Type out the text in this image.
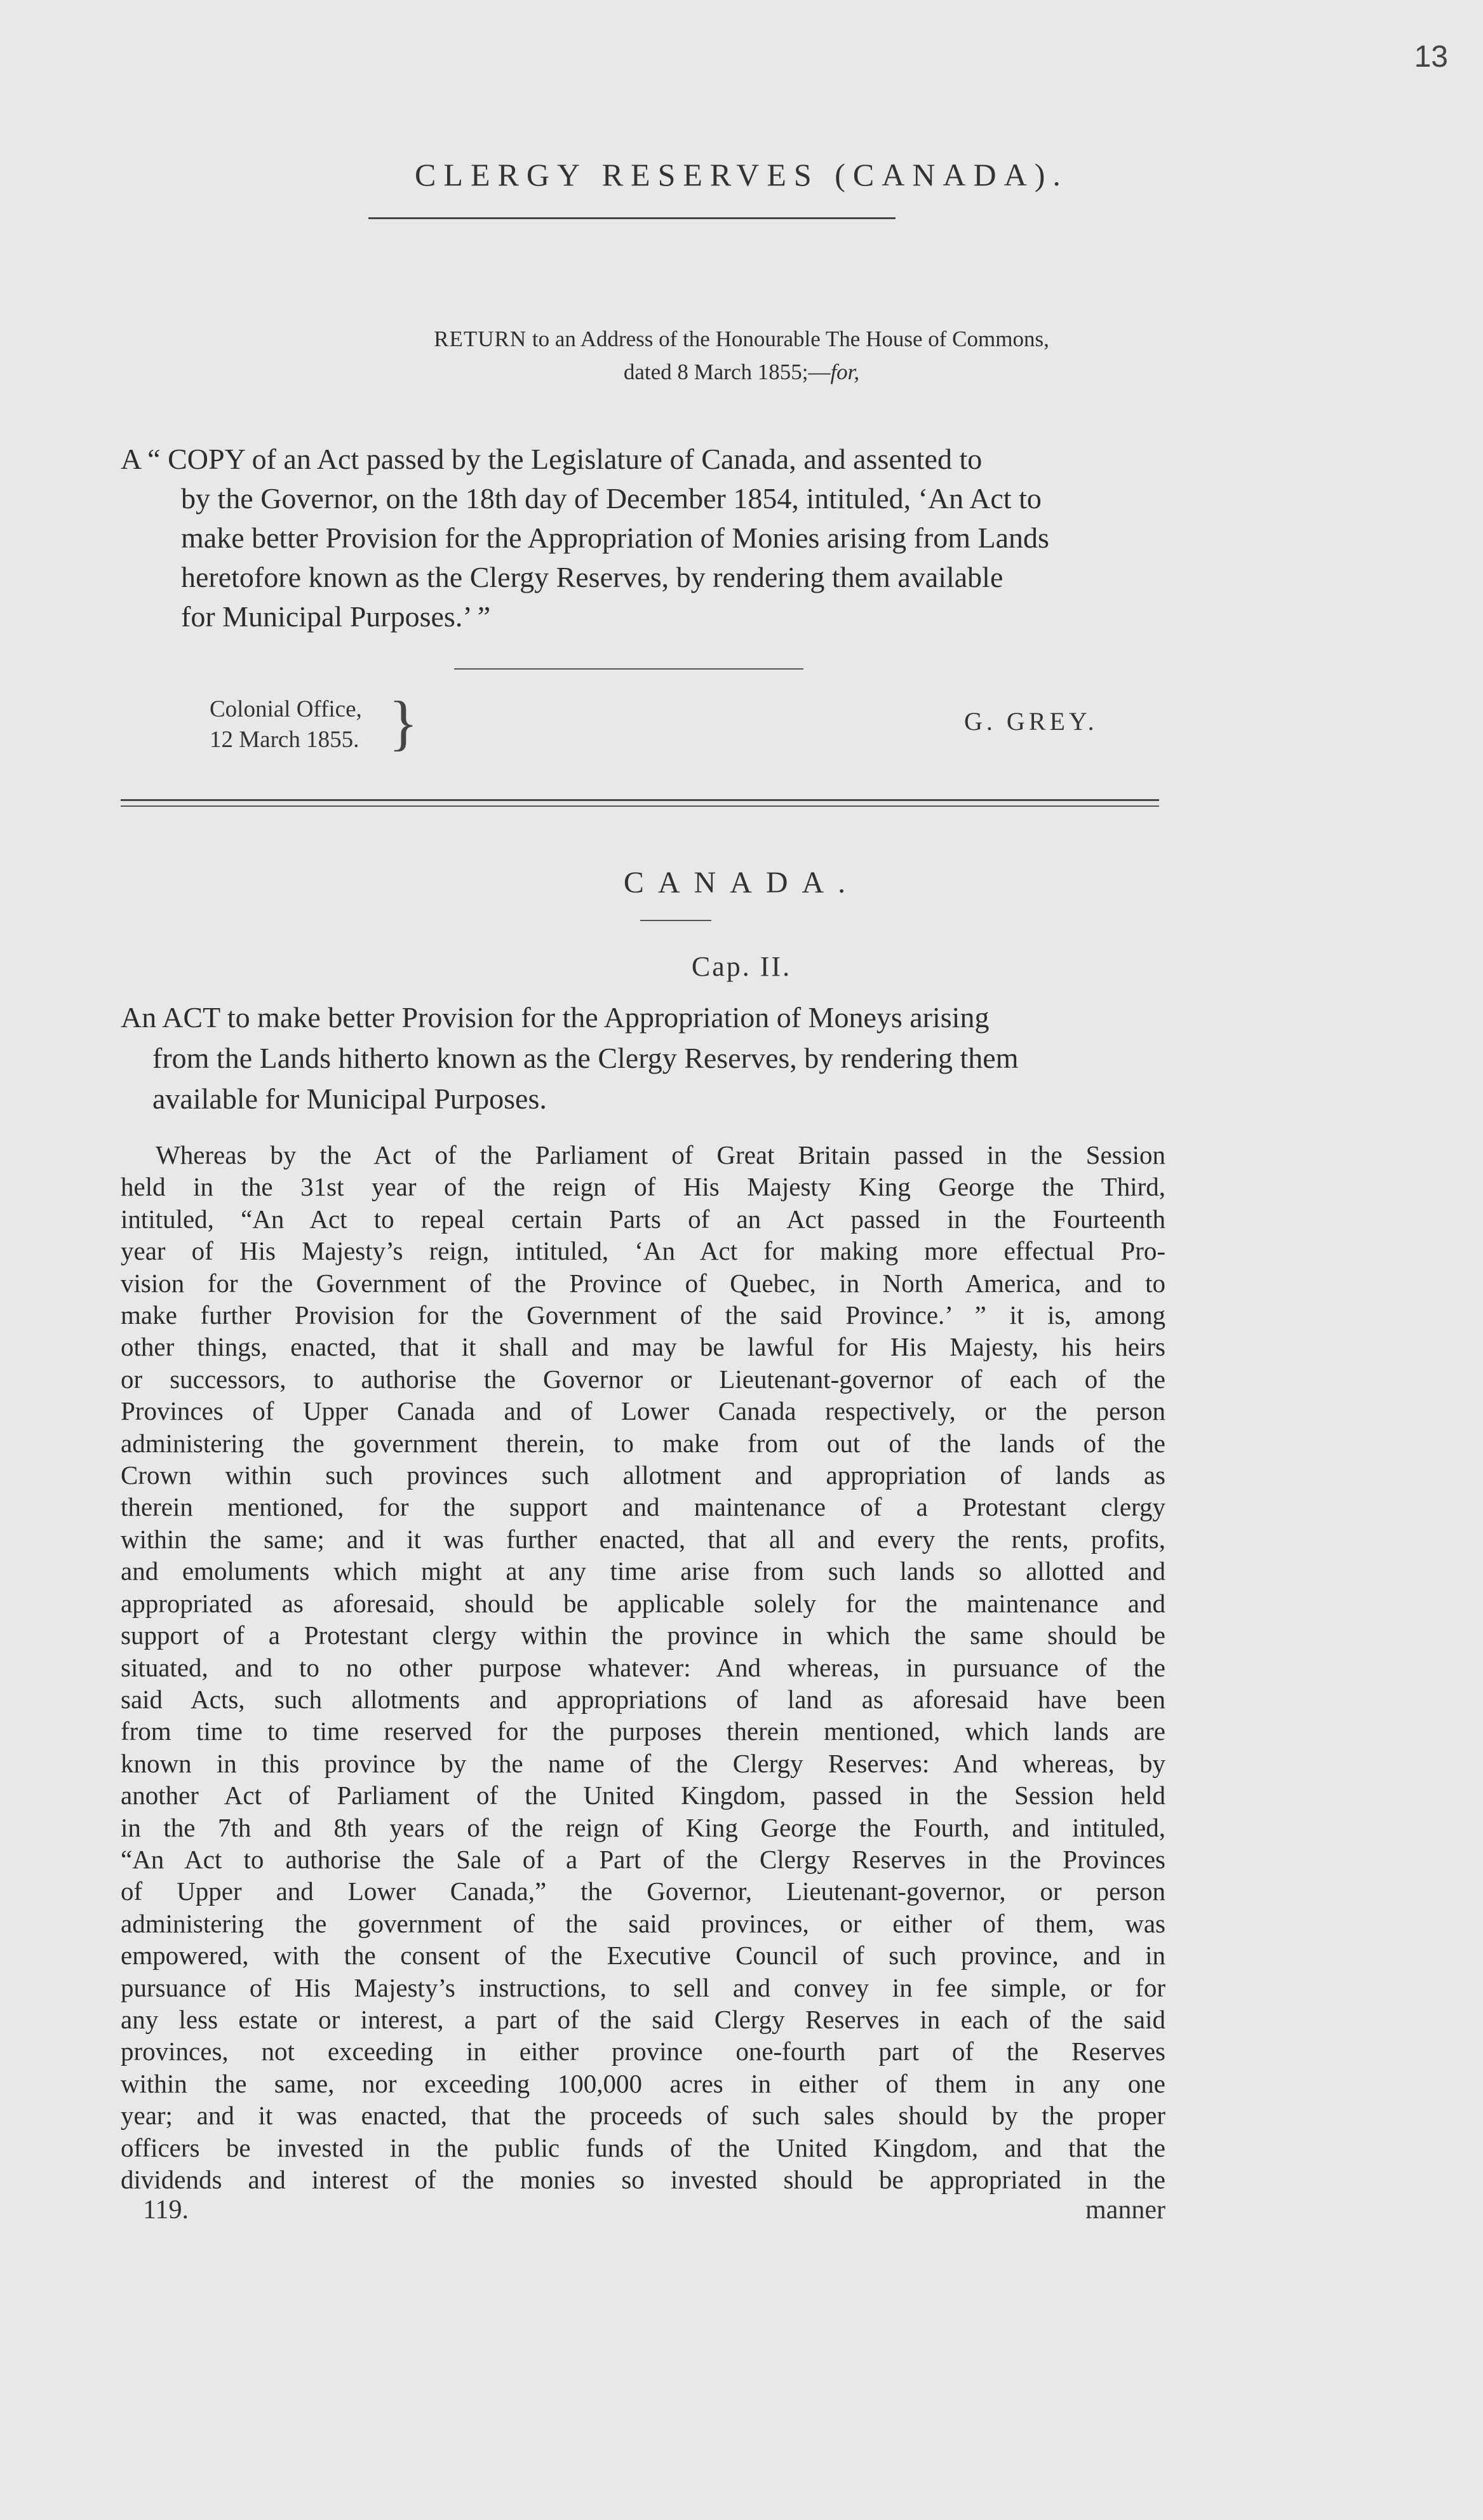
13
CLERGY RESERVES (CANADA).
RETURN to an Address of the Honourable The House of Commons,
dated 8 March 1855;—for,
A “ COPY of an Act passed by the Legislature of Canada, and assented to
by the Governor, on the 18th day of December 1854, intituled, ‘An Act to
make better Provision for the Appropriation of Monies arising from Lands
heretofore known as the Clergy Reserves, by rendering them available
for Municipal Purposes.’ ”
Colonial Office,
12 March 1855. }	G. GREY.
CANADA.
Cap. II.
An ACT to make better Provision for the Appropriation of Moneys arising
from the Lands hitherto known as the Clergy Reserves, by rendering them
available for Municipal Purposes.
Whereas by the Act of the Parliament of Great Britain passed in the Session
held in the 31st year of the reign of His Majesty King George the Third,
intituled, “An Act to repeal certain Parts of an Act passed in the Fourteenth
year of His Majesty’s reign, intituled, ‘An Act for making more effectual Pro-
vision for the Government of the Province of Quebec, in North America, and to
make further Provision for the Government of the said Province.’ ” it is, among
other things, enacted, that it shall and may be lawful for His Majesty, his heirs
or successors, to authorise the Governor or Lieutenant-governor of each of the
Provinces of Upper Canada and of Lower Canada respectively, or the person
administering the government therein, to make from out of the lands of the
Crown within such provinces such allotment and appropriation of lands as
therein mentioned, for the support and maintenance of a Protestant clergy
within the same; and it was further enacted, that all and every the rents, profits,
and emoluments which might at any time arise from such lands so allotted and
appropriated as aforesaid, should be applicable solely for the maintenance and
support of a Protestant clergy within the province in which the same should be
situated, and to no other purpose whatever: And whereas, in pursuance of the
said Acts, such allotments and appropriations of land as aforesaid have been
from time to time reserved for the purposes therein mentioned, which lands are
known in this province by the name of the Clergy Reserves: And whereas, by
another Act of Parliament of the United Kingdom, passed in the Session held
in the 7th and 8th years of the reign of King George the Fourth, and intituled,
“An Act to authorise the Sale of a Part of the Clergy Reserves in the Provinces
of Upper and Lower Canada,” the Governor, Lieutenant-governor, or person
administering the government of the said provinces, or either of them, was
empowered, with the consent of the Executive Council of such province, and in
pursuance of His Majesty’s instructions, to sell and convey in fee simple, or for
any less estate or interest, a part of the said Clergy Reserves in each of the said
provinces, not exceeding in either province one-fourth part of the Reserves
within the same, nor exceeding 100,000 acres in either of them in any one
year; and it was enacted, that the proceeds of such sales should by the proper
officers be invested in the public funds of the United Kingdom, and that the
dividends and interest of the monies so invested should be appropriated in the
119.	manner
